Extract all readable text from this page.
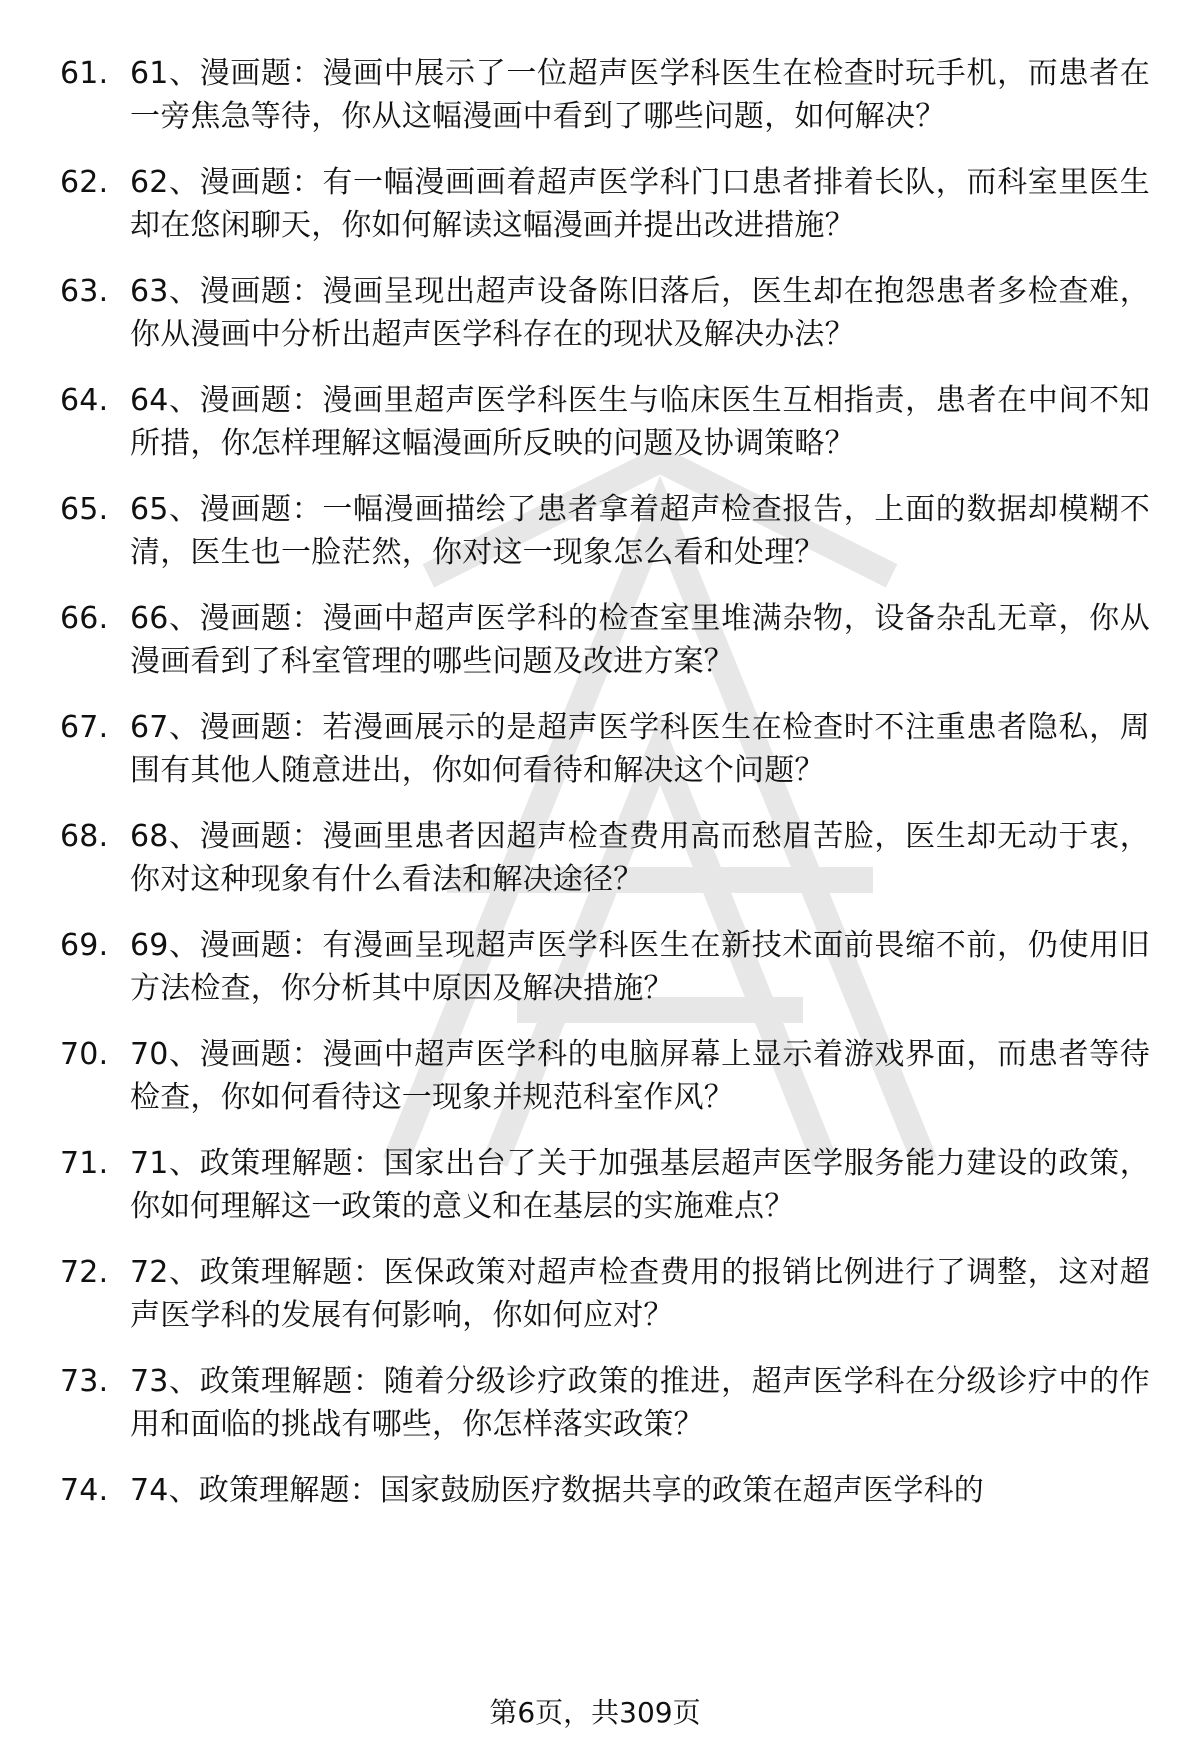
61. 61、漫画题：漫画中展示了一位超声医学科医生在检查时玩手机，而患者在一旁焦急等待，你从这幅漫画中看到了哪些问题，如何解决？
62. 62、漫画题：有一幅漫画画着超声医学科门口患者排着长队，而科室里医生却在悠闲聊天，你如何解读这幅漫画并提出改进措施？
63. 63、漫画题：漫画呈现出超声设备陈旧落后，医生却在抱怨患者多检查难，你从漫画中分析出超声医学科存在的现状及解决办法？
64. 64、漫画题：漫画里超声医学科医生与临床医生互相指责，患者在中间不知所措，你怎样理解这幅漫画所反映的问题及协调策略？
65. 65、漫画题：一幅漫画描绘了患者拿着超声检查报告，上面的数据却模糊不清，医生也一脸茫然，你对这一现象怎么看和处理？
66. 66、漫画题：漫画中超声医学科的检查室里堆满杂物，设备杂乱无章，你从漫画看到了科室管理的哪些问题及改进方案？
67. 67、漫画题：若漫画展示的是超声医学科医生在检查时不注重患者隐私，周围有其他人随意进出，你如何看待和解决这个问题？
68. 68、漫画题：漫画里患者因超声检查费用高而愁眉苦脸，医生却无动于衷，你对这种现象有什么看法和解决途径？
69. 69、漫画题：有漫画呈现超声医学科医生在新技术面前畏缩不前，仍使用旧方法检查，你分析其中原因及解决措施？
70. 70、漫画题：漫画中超声医学科的电脑屏幕上显示着游戏界面，而患者等待检查，你如何看待这一现象并规范科室作风？
71. 71、政策理解题：国家出台了关于加强基层超声医学服务能力建设的政策，你如何理解这一政策的意义和在基层的实施难点？
72. 72、政策理解题：医保政策对超声检查费用的报销比例进行了调整，这对超声医学科的发展有何影响，你如何应对？
73. 73、政策理解题：随着分级诊疗政策的推进，超声医学科在分级诊疗中的作用和面临的挑战有哪些，你怎样落实政策？
74. 74、政策理解题：国家鼓励医疗数据共享的政策在超声医学科的
第6页，共309页
